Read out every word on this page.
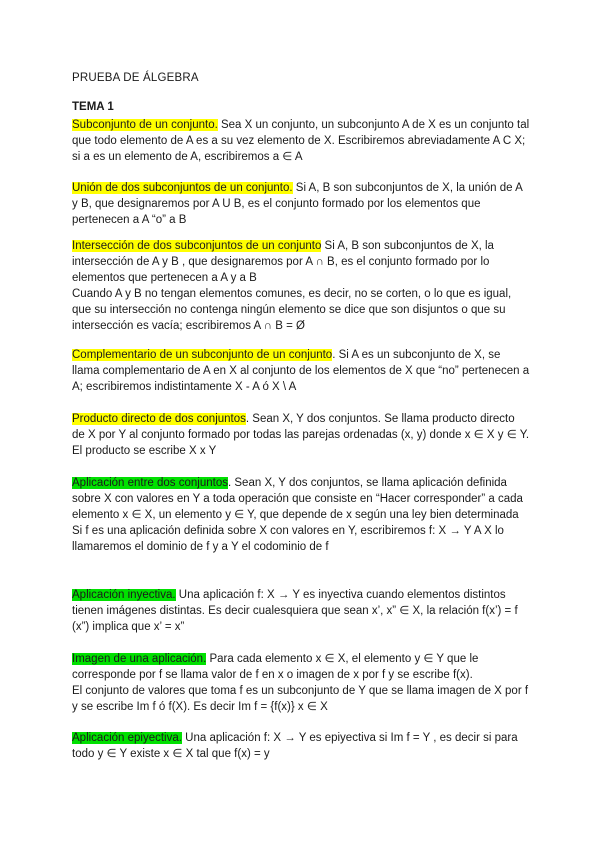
PRUEBA DE ÁLGEBRA
TEMA 1
Subconjunto de un conjunto. Sea X un conjunto, un subconjunto A de X es un conjunto tal que todo elemento de A es a su vez elemento de X. Escribiremos abreviadamente A C X; si a es un elemento de A, escribiremos a ∈ A
Unión de dos subconjuntos de un conjunto. Si A, B son subconjuntos de X, la unión de A y B, que designaremos por A U B, es el conjunto formado por los elementos que pertenecen a A “o” a B
Intersección de dos subconjuntos de un conjunto Si A, B son subconjuntos de X, la intersección de A y B , que designaremos por A ∩ B, es el conjunto formado por lo elementos que pertenecen a A y a B
Cuando A y B no tengan elementos comunes, es decir, no se corten, o lo que es igual, que su intersección no contenga ningún elemento se dice que son disjuntos o que su intersección es vacía; escribiremos A ∩ B = Ø
Complementario de un subconjunto de un conjunto. Si A es un subconjunto de X, se llama complementario de A en X al conjunto de los elementos de X que “no” pertenecen a A; escribiremos indistintamente X - A ó X \ A
Producto directo de dos conjuntos. Sean X, Y dos conjuntos. Se llama producto directo de X por Y al conjunto formado por todas las parejas ordenadas (x, y) donde x ∈ X y ∈ Y. El producto se escribe X x Y
Aplicación entre dos conjuntos. Sean X, Y dos conjuntos, se llama aplicación definida sobre X con valores en Y a toda operación que consiste en “Hacer corresponder” a cada elemento x ∈ X, un elemento y ∈ Y, que depende de x según una ley bien determinada
Si f es una aplicación definida sobre X con valores en Y, escribiremos f: X → Y A X lo llamaremos el dominio de f y a Y el codominio de f
Aplicación inyectiva. Una aplicación f: X → Y es inyectiva cuando elementos distintos tienen imágenes distintas. Es decir cualesquiera que sean x’, x” ∈ X, la relación f(x’) = f (x”) implica que x’ = x”
Imagen de una aplicación. Para cada elemento x ∈ X, el elemento y ∈ Y que le corresponde por f se llama valor de f en x o imagen de x por f y se escribe f(x).
El conjunto de valores que toma f es un subconjunto de Y que se llama imagen de X por f y se escribe Im f ó f(X). Es decir Im f = {f(x)} x ∈ X
Aplicación epiyectiva. Una aplicación f: X → Y es epiyectiva si Im f = Y , es decir si para todo y ∈ Y existe x ∈ X tal que f(x) = y
